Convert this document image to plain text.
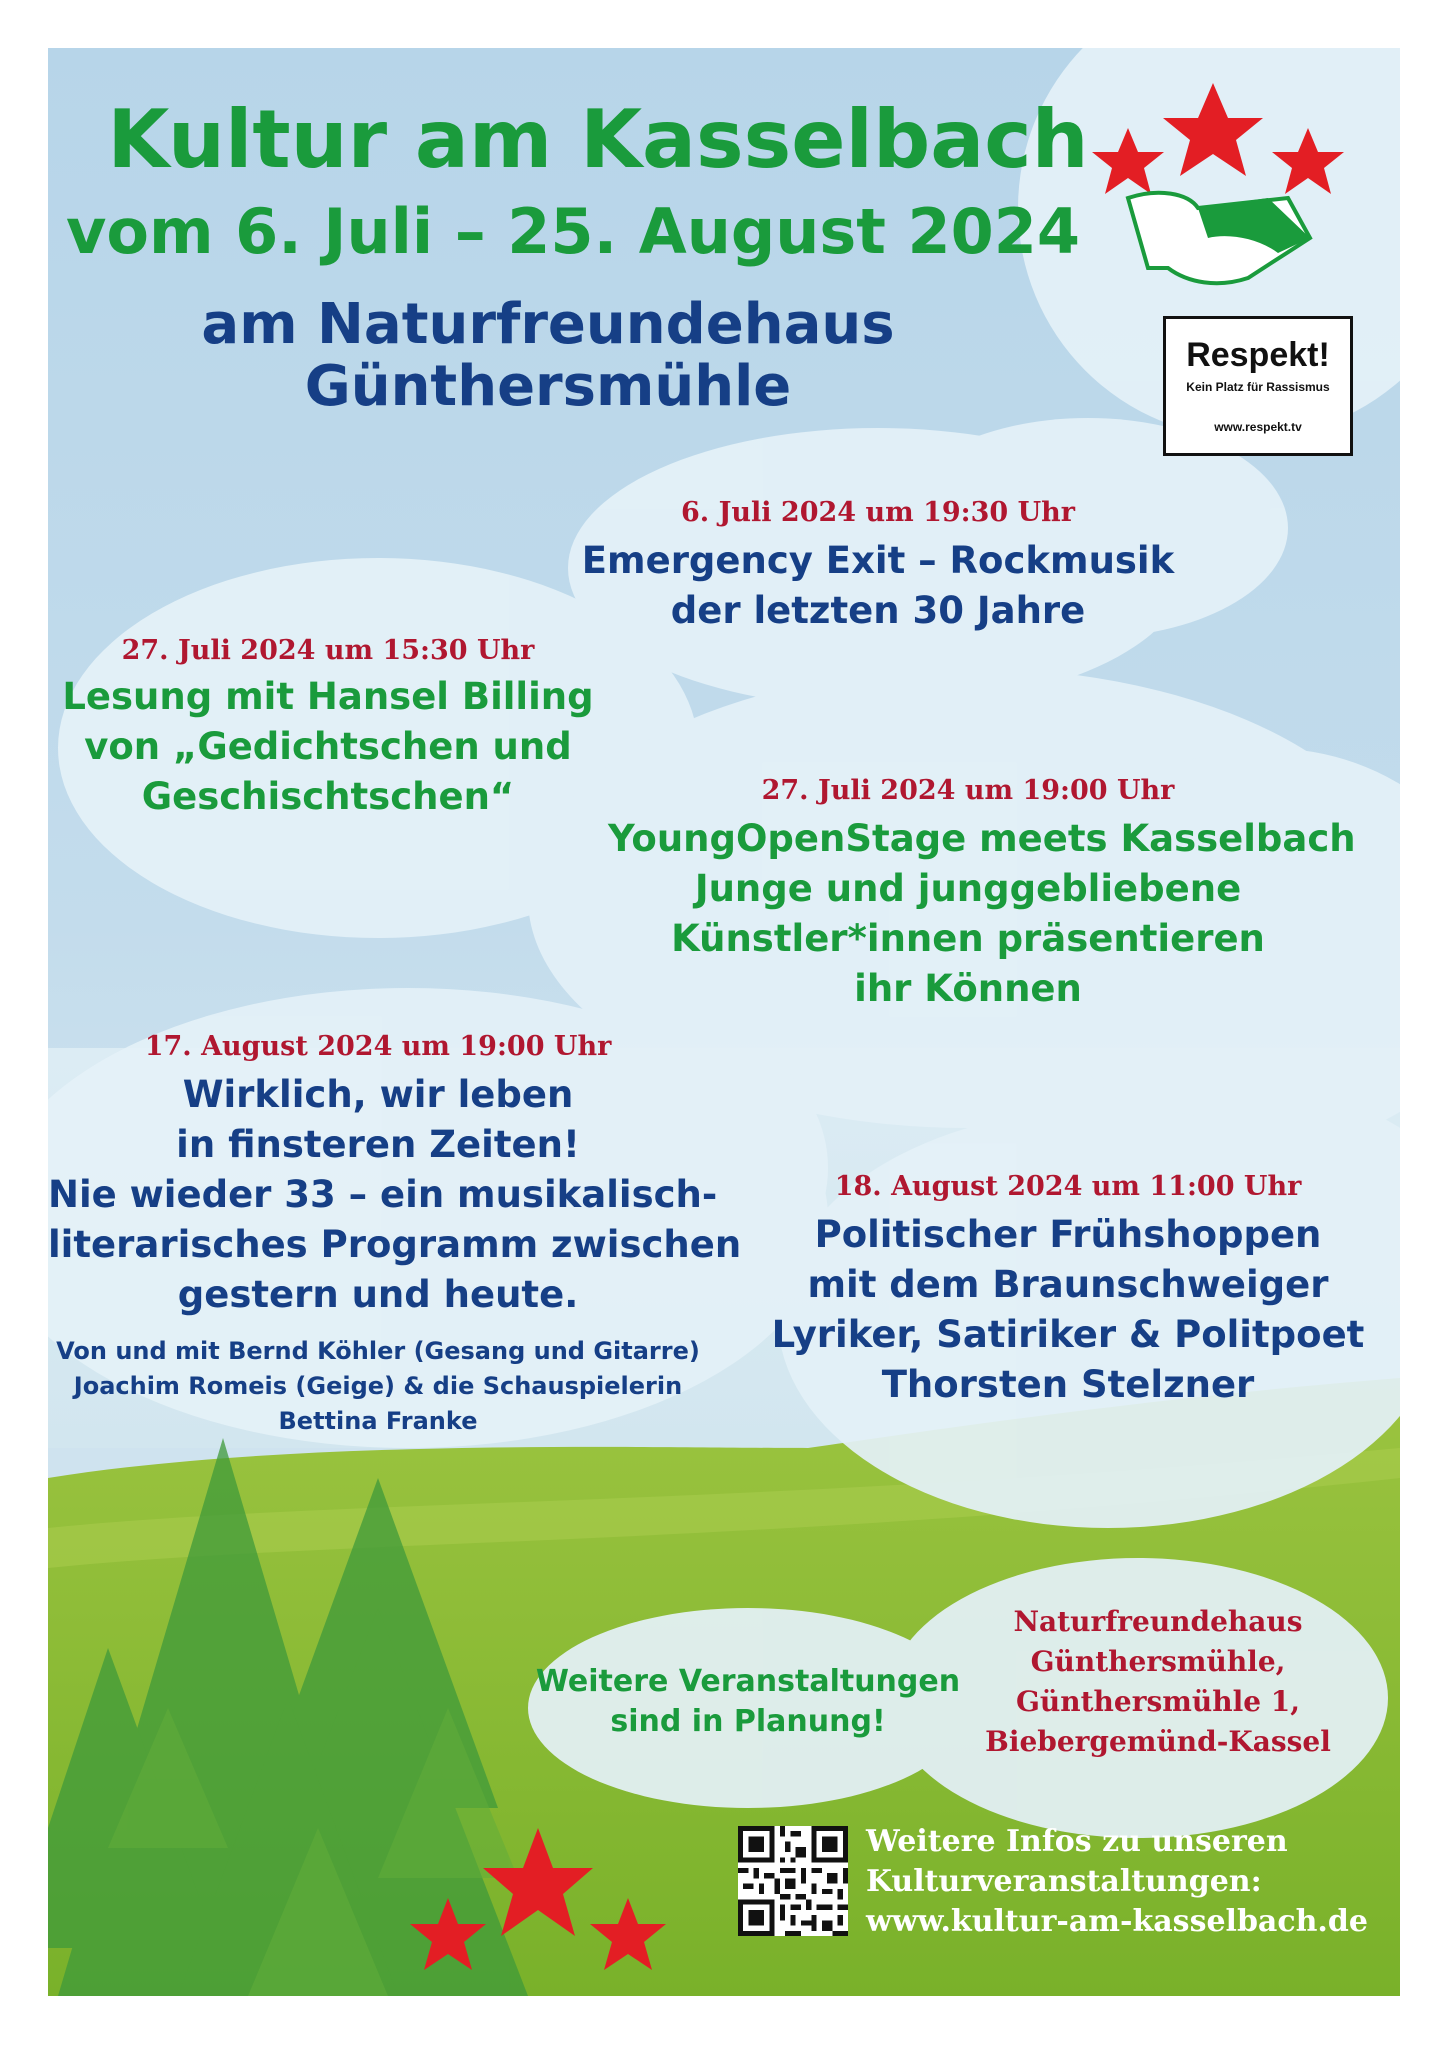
Kultur am Kasselbach

vom 6. Juli – 25. August 2024

am Naturfreundehaus

Günthersmühle	Respekt!
Kein Platz für Rassismus
www.respekt.tv

6. Juli 2024 um 19:30 Uhr

Emergency Exit – Rockmusik

der letzten 30 Jahre

27. Juli 2024 um 15:30 Uhr

Lesung mit Hansel Billing

von „Gedichtschen und

Geschischtschen“	27. Juli 2024 um 19:00 Uhr

YoungOpenStage meets Kasselbach

Junge und junggebliebene

Künstler*innen präsentieren

ihr Können

17. August 2024 um 19:00 Uhr

Wirklich, wir leben

in finsteren Zeiten!

Nie wieder 33 – ein musikalisch-

literarisches Programm zwischen

gestern und heute.

Von und mit Bernd Köhler (Gesang und Gitarre)

Joachim Romeis (Geige) & die Schauspielerin

Bettina Franke

18. August 2024 um 11:00 Uhr

Politischer Frühshoppen

mit dem Braunschweiger

Lyriker, Satiriker & Politpoet

Thorsten Stelzner

Weitere Veranstaltungen

sind in Planung!

Naturfreundehaus

Günthersmühle,

Günthersmühle 1,

Biebergemünd-Kassel

Weitere Infos zu unseren
Kulturveranstaltungen:
www.kultur-am-kasselbach.de
